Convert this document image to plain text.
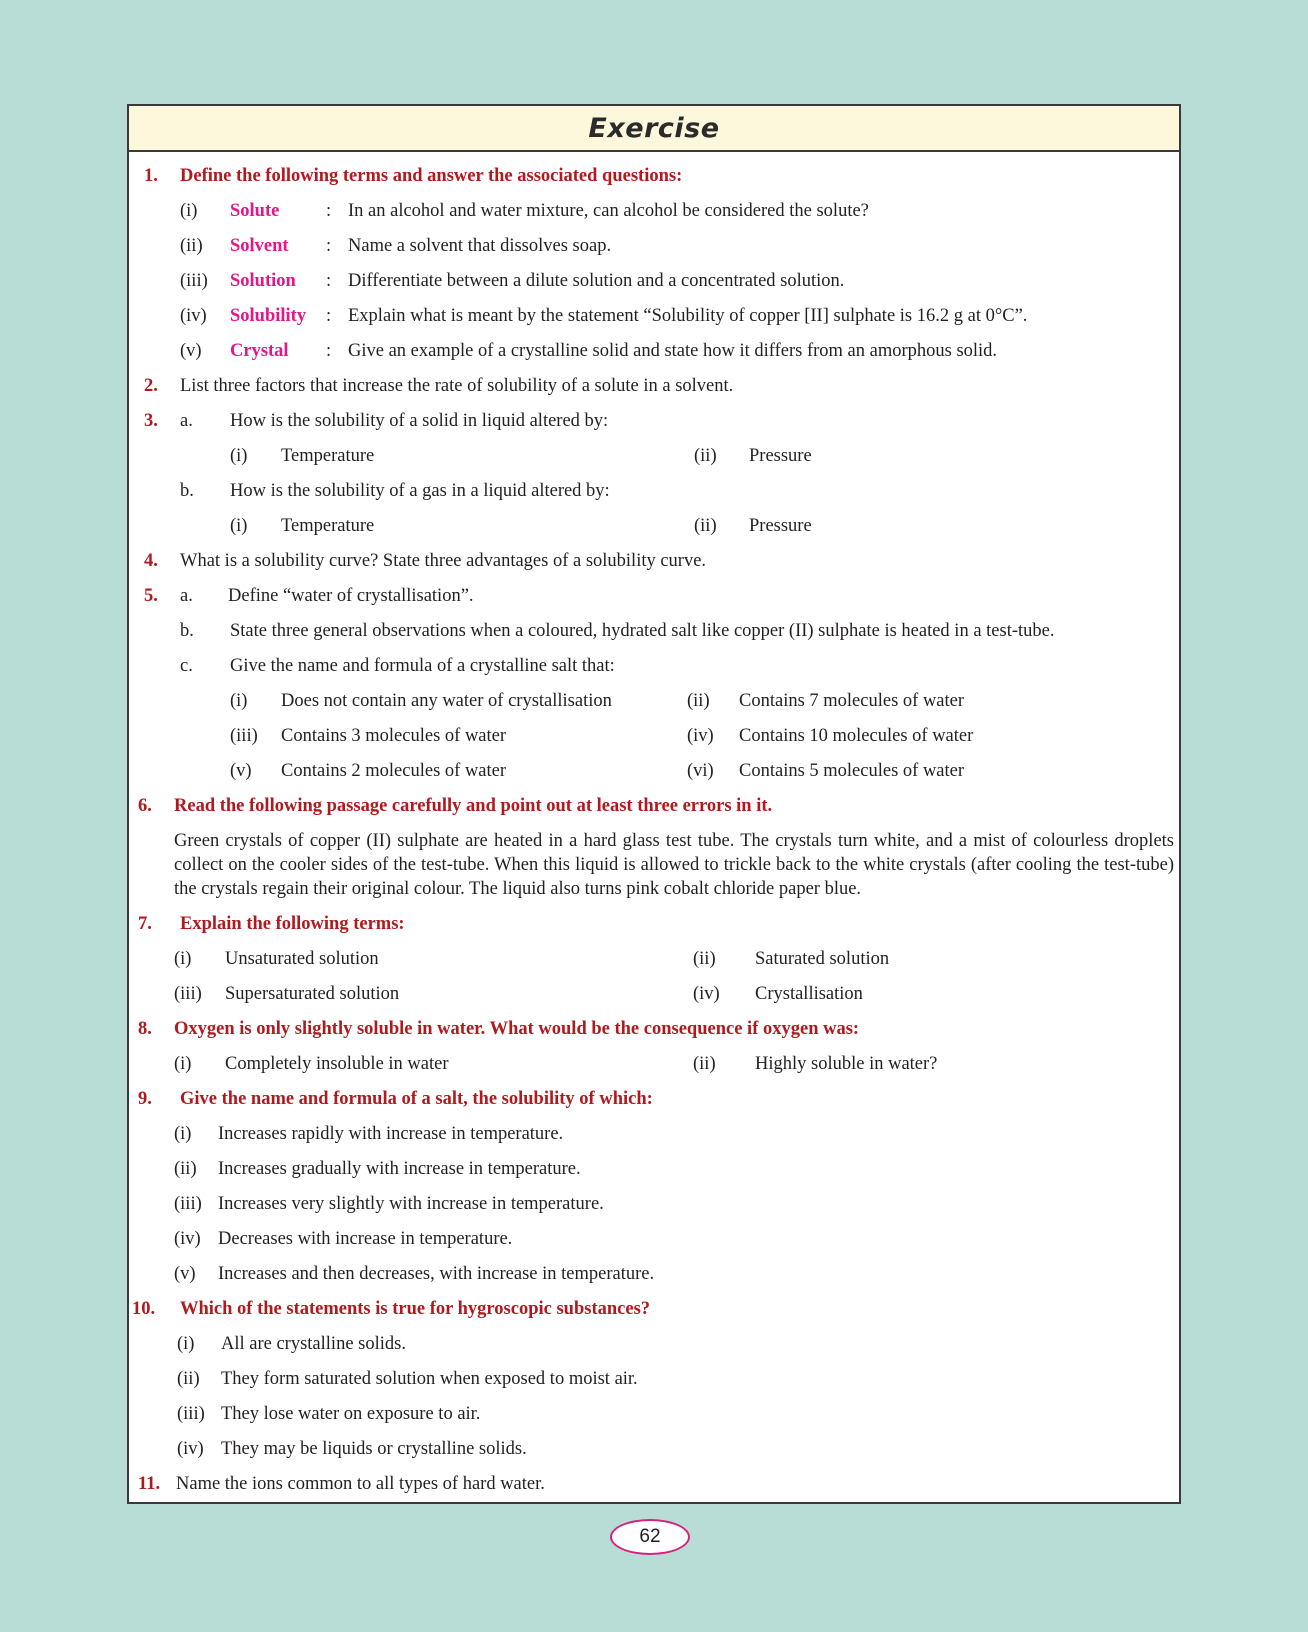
Exercise
1. Define the following terms and answer the associated questions:
(i) Solute	: In an alcohol and water mixture, can alcohol be considered the solute?
(ii) Solvent : Name a solvent that dissolves soap.
(iii) Solution : Differentiate between a dilute solution and a concentrated solution.
(iv) Solubility : Explain what is meant by the statement “Solubility of copper [II] sulphate is 16.2 g at 0°C”.
(v) Crystal : Give an example of a crystalline solid and state how it differs from an amorphous solid.
2. List three factors that increase the rate of solubility of a solute in a solvent.
3. a. How is the solubility of a solid in liquid altered by:
(i) Temperature	(ii) Pressure
b. How is the solubility of a gas in a liquid altered by:
(i) Temperature	(ii) Pressure
4. What is a solubility curve? State three advantages of a solubility curve.
5. a. Define “water of crystallisation”.
b. State three general observations when a coloured, hydrated salt like copper (II) sulphate is heated in a test-tube.
c. Give the name and formula of a crystalline salt that:
(i) Does not contain any water of crystallisation	(ii) Contains 7 molecules of water
(iii) Contains 3 molecules of water	(iv) Contains 10 molecules of water
(v) Contains 2 molecules of water	(vi) Contains 5 molecules of water
6. Read the following passage carefully and point out at least three errors in it.
Green crystals of copper (II) sulphate are heated in a hard glass test tube. The crystals turn white, and a mist of colourless droplets collect on the cooler sides of the test-tube. When this liquid is allowed to trickle back to the white crystals (after cooling the test-tube) the crystals regain their original colour. The liquid also turns pink cobalt chloride paper blue.
7. Explain the following terms:
(i) Unsaturated solution	(ii) Saturated solution
(iii) Supersaturated solution	(iv) Crystallisation
8. Oxygen is only slightly soluble in water. What would be the consequence if oxygen was:
(i) Completely insoluble in water	(ii) Highly soluble in water?
9. Give the name and formula of a salt, the solubility of which:
(i) Increases rapidly with increase in temperature.
(ii) Increases gradually with increase in temperature.
(iii) Increases very slightly with increase in temperature.
(iv) Decreases with increase in temperature.
(v) Increases and then decreases, with increase in temperature.
10. Which of the statements is true for hygroscopic substances?
(i) All are crystalline solids.
(ii) They form saturated solution when exposed to moist air.
(iii) They lose water on exposure to air.
(iv) They may be liquids or crystalline solids.
11. Name the ions common to all types of hard water.
62
